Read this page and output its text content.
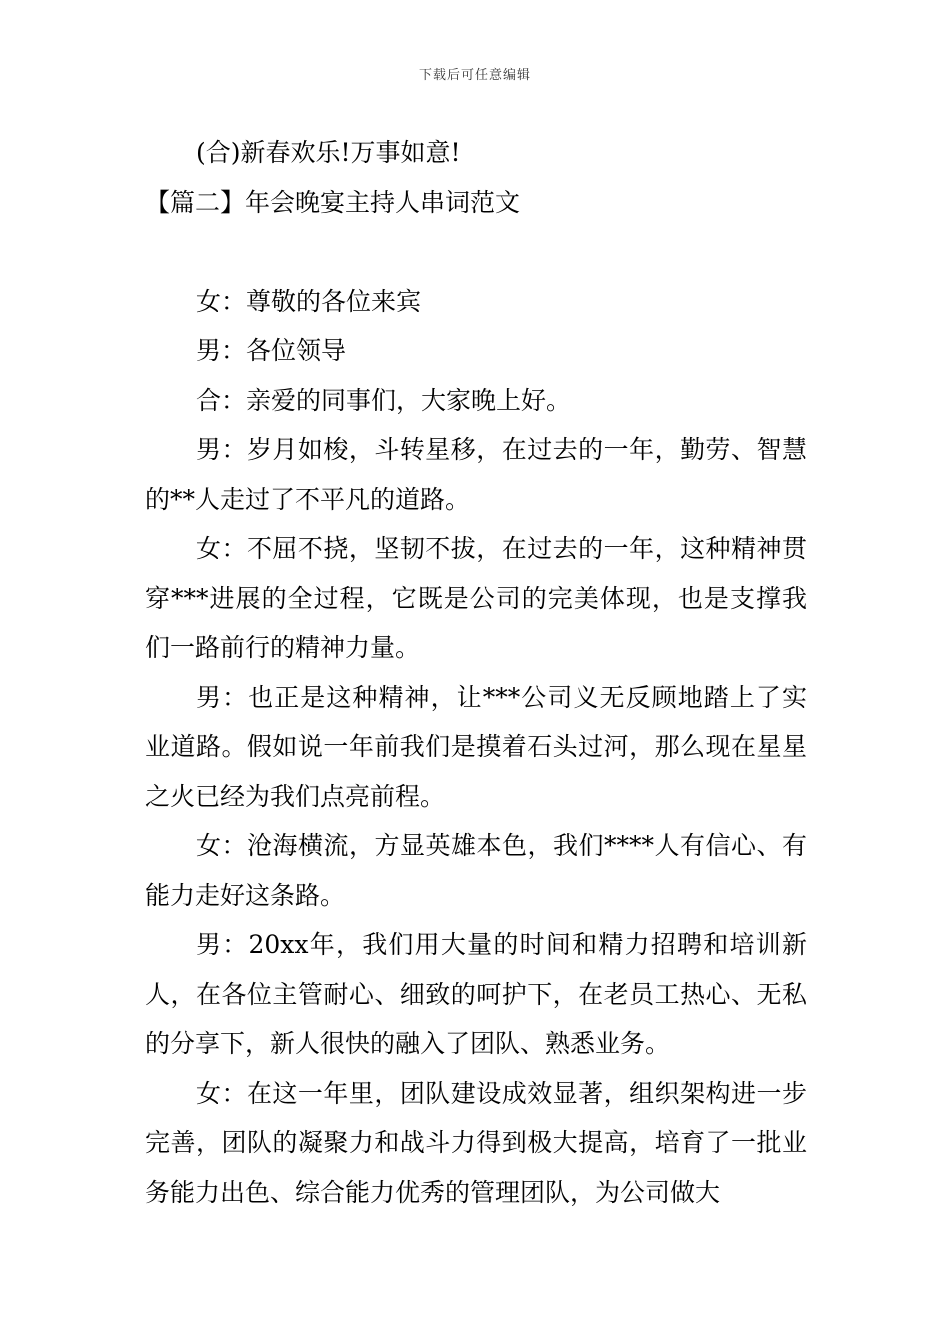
下载后可任意编辑

(合)新春欢乐!万事如意!

【篇二】年会晚宴主持人串词范文

女：尊敬的各位来宾

男：各位领导

合：亲爱的同事们，大家晚上好。

男：岁月如梭，斗转星移，在过去的一年，勤劳、智慧的**人走过了不平凡的道路。

女：不屈不挠，坚韧不拔，在过去的一年，这种精神贯穿***进展的全过程，它既是公司的完美体现，也是支撑我们一路前行的精神力量。

男：也正是这种精神，让***公司义无反顾地踏上了实业道路。假如说一年前我们是摸着石头过河，那么现在星星之火已经为我们点亮前程。

女：沧海横流，方显英雄本色，我们****人有信心、有能力走好这条路。

男：20xx年，我们用大量的时间和精力招聘和培训新人，在各位主管耐心、细致的呵护下，在老员工热心、无私的分享下，新人很快的融入了团队、熟悉业务。

女：在这一年里，团队建设成效显著，组织架构进一步完善，团队的凝聚力和战斗力得到极大提高，培育了一批业务能力出色、综合能力优秀的管理团队，为公司做大
